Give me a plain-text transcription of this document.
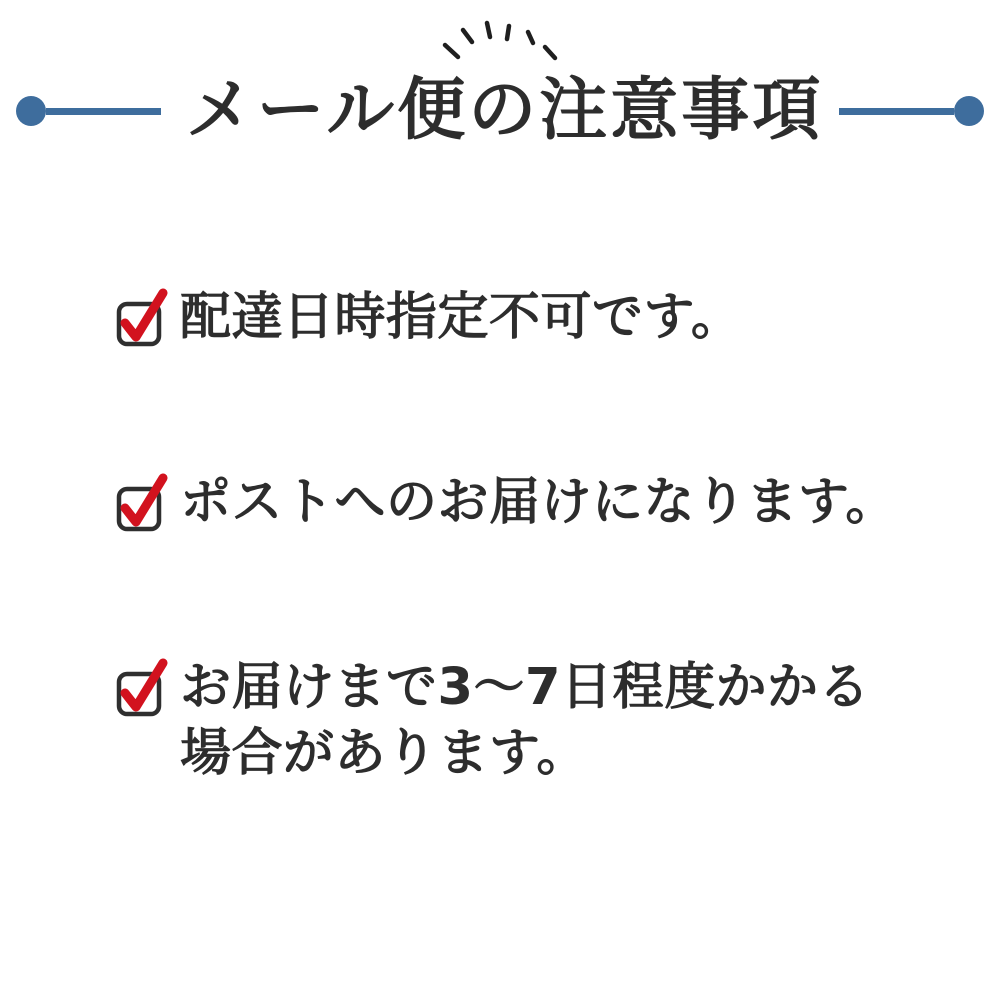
メール便の注意事項

配達日時指定不可です。

ポストへのお届けになります。

お届けまで3〜7日程度かかる
場合があります。
